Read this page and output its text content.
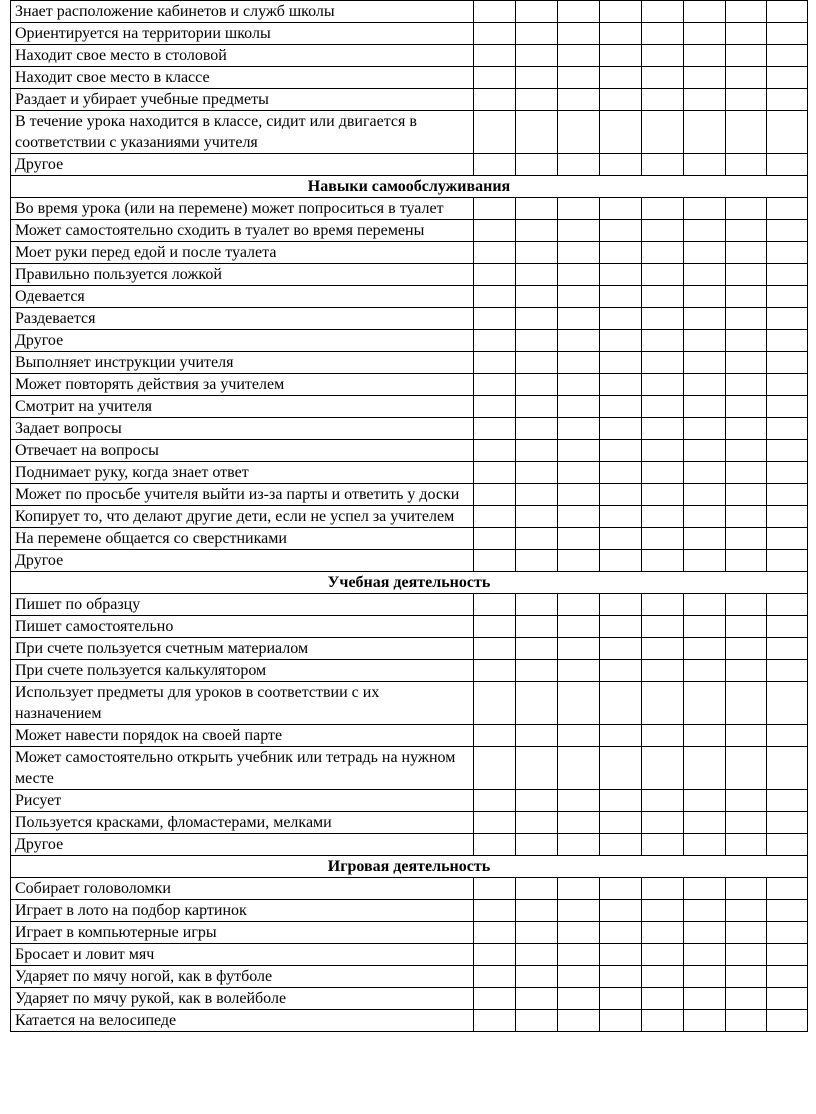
Знает расположение кабинетов и служб школы								
Ориентируется на территории школы								
Находит свое место в столовой								
Находит свое место в классе								
Раздает и убирает учебные предметы								
В течение урока находится в классе, сидит или двигается в соответствии с указаниями учителя								
Другое								
Навыки самообслуживания								
Во время урока (или на перемене) может попроситься в туалет								
Может самостоятельно сходить в туалет во время перемены								
Моет руки перед едой и после туалета								
Правильно пользуется ложкой								
Одевается								
Раздевается								
Другое								
Выполняет инструкции учителя								
Может повторять действия за учителем								
Смотрит на учителя								
Задает вопросы								
Отвечает на вопросы								
Поднимает руку, когда знает ответ								
Может по просьбе учителя выйти из-за парты и ответить у доски								
Копирует то, что делают другие дети, если не успел за учителем								
На перемене общается со сверстниками								
Другое								
Учебная деятельность								
Пишет по образцу								
Пишет самостоятельно								
При счете пользуется счетным материалом								
При счете пользуется калькулятором								
Использует предметы для уроков в соответствии с их назначением								
Может навести порядок на своей парте								
Может самостоятельно открыть учебник или тетрадь на нужном месте								
Рисует								
Пользуется красками, фломастерами, мелками								
Другое								
Игровая деятельность								
Собирает головоломки								
Играет в лото на подбор картинок								
Играет в компьютерные игры								
Бросает и ловит мяч								
Ударяет по мячу ногой, как в футболе								
Ударяет по мячу рукой, как в волейболе								
Катается на велосипеде								
